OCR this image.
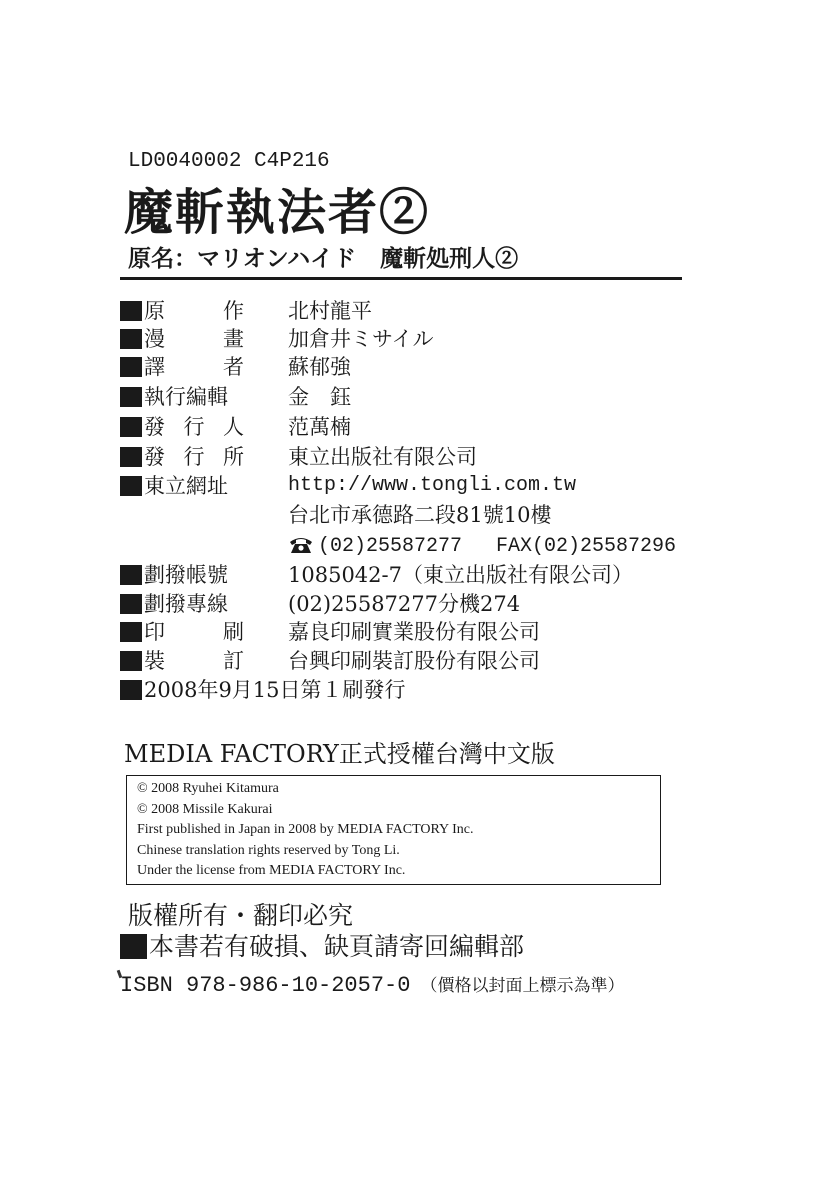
LD0040002 C4P216
魔斬執法者②
原名：マリオンハイド 魔斬処刑人②
原	作 北村龍平
漫	畫 加倉井ミサイル
譯	者 蘇郁強
執行編輯	金　鈺
發 行 人 范萬楠
發 行 所 東立出版社有限公司
東立網址	http://www.tongli.com.tw
台北市承德路二段81號10樓
(02)25587277 FAX(02)25587296
劃撥帳號	1085042-7（東立出版社有限公司）
劃撥專線	(02)25587277分機274
印	刷 嘉良印刷實業股份有限公司
裝	訂 台興印刷裝訂股份有限公司
2008年9月15日第１刷發行
MEDIA FACTORY正式授權台灣中文版
© 2008 Ryuhei Kitamura
© 2008 Missile Kakurai
First published in Japan in 2008 by MEDIA FACTORY Inc.
Chinese translation rights reserved by Tong Li.
Under the license from MEDIA FACTORY Inc.
版權所有・翻印必究
本書若有破損、缺頁請寄回編輯部
ISBN 978-986-10-2057-0 （價格以封面上標示為準）
